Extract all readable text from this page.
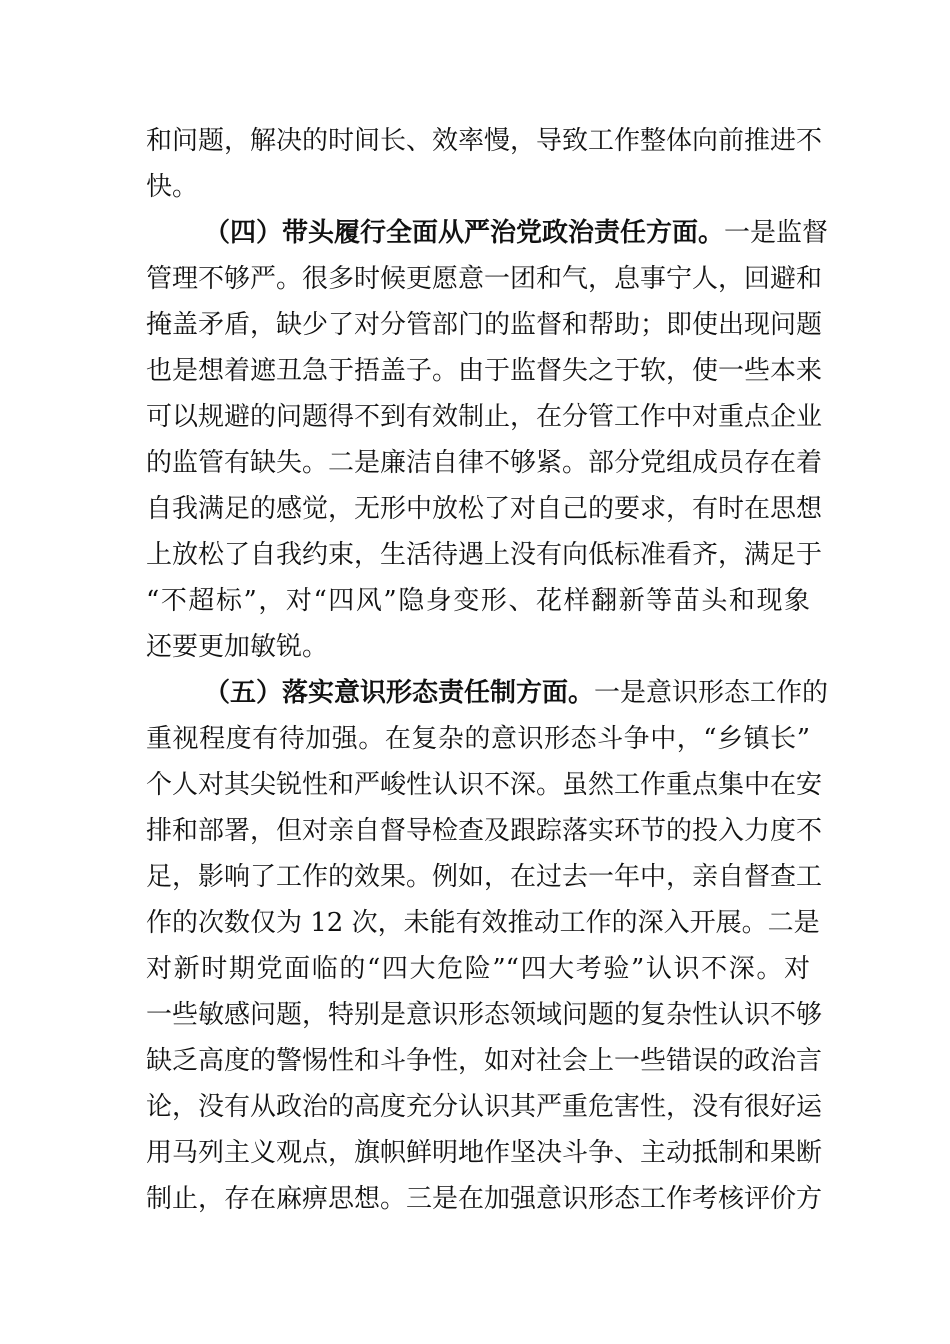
和问题，解决的时间长、效率慢，导致工作整体向前推进不
快。
（四）带头履行全面从严治党政治责任方面。一是监督
管理不够严。很多时候更愿意一团和气，息事宁人，回避和
掩盖矛盾，缺少了对分管部门的监督和帮助；即使出现问题
也是想着遮丑急于捂盖子。由于监督失之于软，使一些本来
可以规避的问题得不到有效制止，在分管工作中对重点企业
的监管有缺失。二是廉洁自律不够紧。部分党组成员存在着
自我满足的感觉，无形中放松了对自己的要求，有时在思想
上放松了自我约束，生活待遇上没有向低标准看齐，满足于
“不超标”，对“四风”隐身变形、花样翻新等苗头和现象
还要更加敏锐。
（五）落实意识形态责任制方面。一是意识形态工作的
重视程度有待加强。在复杂的意识形态斗争中，“乡镇长”
个人对其尖锐性和严峻性认识不深。虽然工作重点集中在安
排和部署，但对亲自督导检查及跟踪落实环节的投入力度不
足，影响了工作的效果。例如，在过去一年中，亲自督查工
作的次数仅为 12 次，未能有效推动工作的深入开展。二是
对新时期党面临的“四大危险”“四大考验”认识不深。对
一些敏感问题，特别是意识形态领域问题的复杂性认识不够
缺乏高度的警惕性和斗争性，如对社会上一些错误的政治言
论，没有从政治的高度充分认识其严重危害性，没有很好运
用马列主义观点，旗帜鲜明地作坚决斗争、主动抵制和果断
制止，存在麻痹思想。三是在加强意识形态工作考核评价方
